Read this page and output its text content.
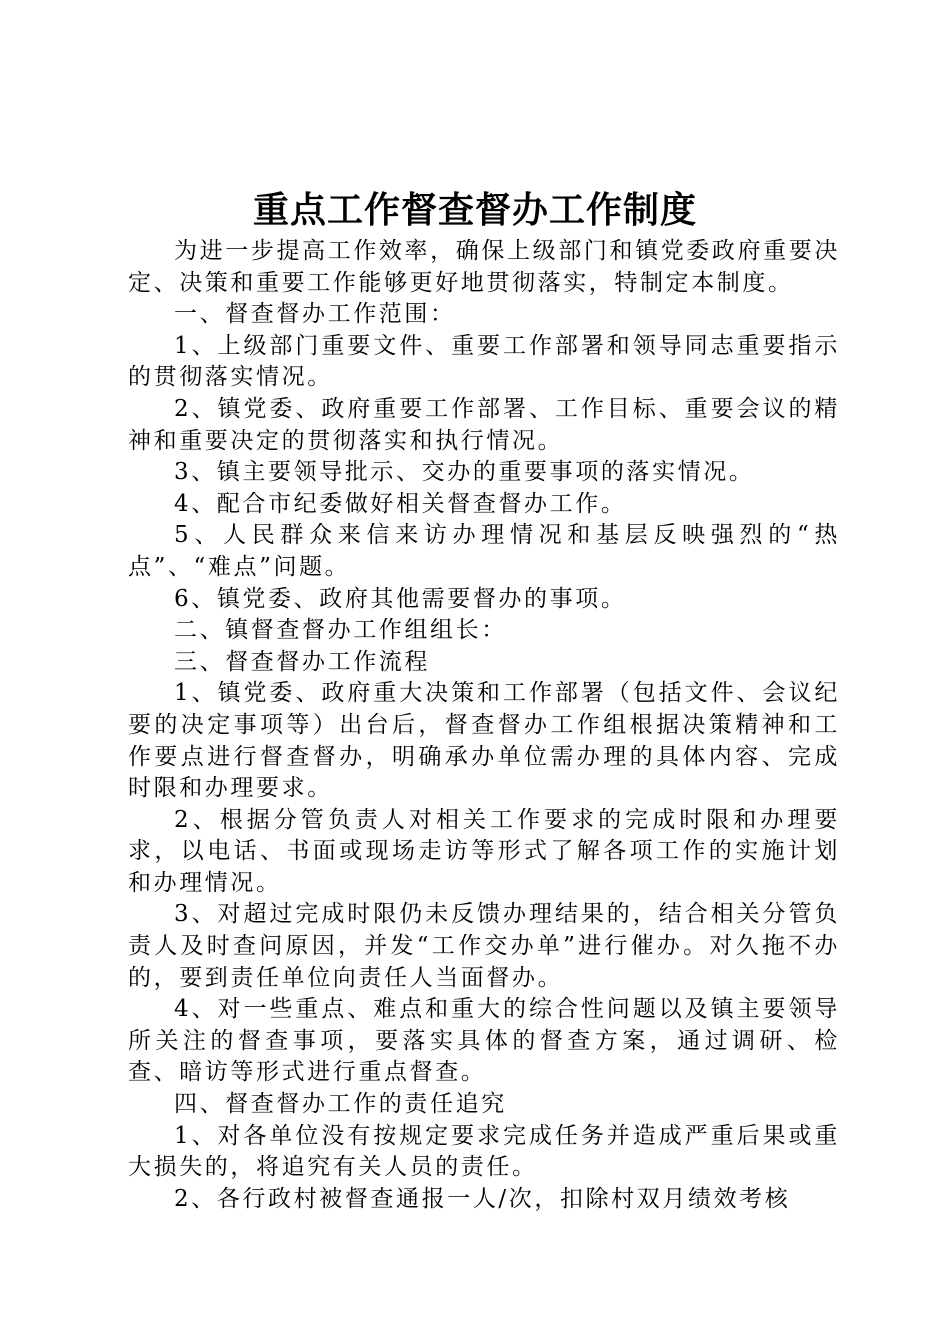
重点工作督查督办工作制度

为进一步提高工作效率，确保上级部门和镇党委政府重要决定、决策和重要工作能够更好地贯彻落实，特制定本制度。

一、督查督办工作范围：

1、上级部门重要文件、重要工作部署和领导同志重要指示的贯彻落实情况。

2、镇党委、政府重要工作部署、工作目标、重要会议的精神和重要决定的贯彻落实和执行情况。

3、镇主要领导批示、交办的重要事项的落实情况。

4、配合市纪委做好相关督查督办工作。

5、人民群众来信来访办理情况和基层反映强烈的“热点”、“难点”问题。

6、镇党委、政府其他需要督办的事项。

二、镇督查督办工作组组长：

三、督查督办工作流程

1、镇党委、政府重大决策和工作部署（包括文件、会议纪要的决定事项等）出台后，督查督办工作组根据决策精神和工作要点进行督查督办，明确承办单位需办理的具体内容、完成时限和办理要求。

2、根据分管负责人对相关工作要求的完成时限和办理要求，以电话、书面或现场走访等形式了解各项工作的实施计划和办理情况。

3、对超过完成时限仍未反馈办理结果的，结合相关分管负责人及时查问原因，并发“工作交办单”进行催办。对久拖不办的，要到责任单位向责任人当面督办。

4、对一些重点、难点和重大的综合性问题以及镇主要领导所关注的督查事项，要落实具体的督查方案，通过调研、检查、暗访等形式进行重点督查。

四、督查督办工作的责任追究

1、对各单位没有按规定要求完成任务并造成严重后果或重大损失的，将追究有关人员的责任。

2、各行政村被督查通报一人/次，扣除村双月绩效考核
